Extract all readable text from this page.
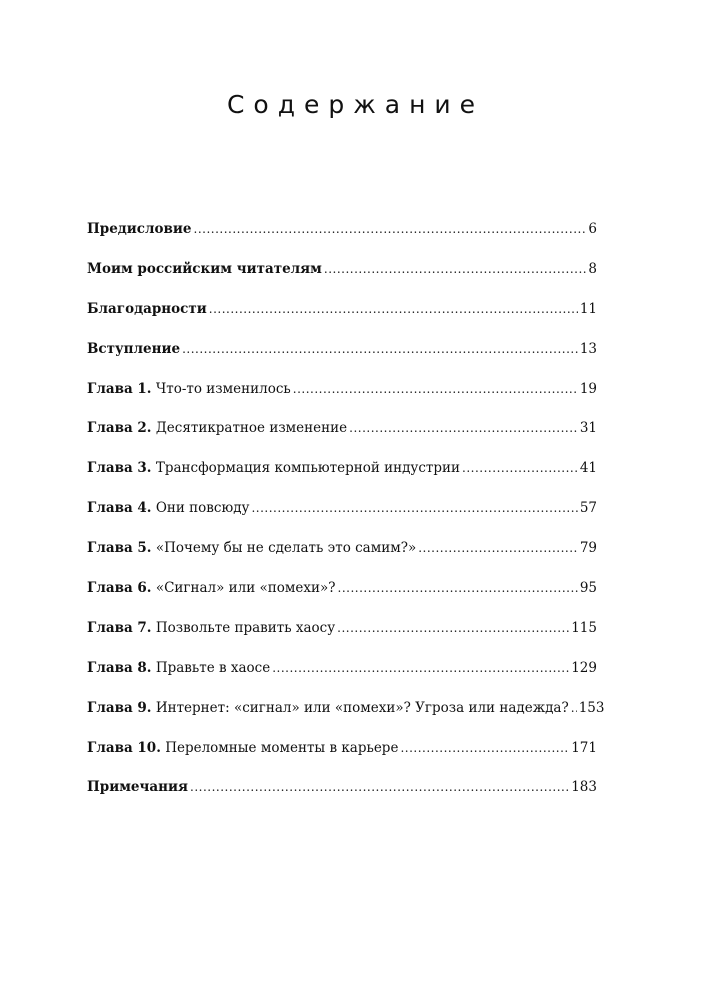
Содержание
Предисловие .....	6
Моим российским читателям .....	8
Благодарности .....	11
Вступление .....	13
Глава 1. Что-то изменилось .....	19
Глава 2. Десятикратное изменение .....	31
Глава 3. Трансформация компьютерной индустрии .....	41
Глава 4. Они повсюду .....	57
Глава 5. «Почему бы не сделать это самим?» .....	79
Глава 6. «Сигнал» или «помехи»? .....	95
Глава 7. Позвольте править хаосу .....	115
Глава 8. Правьте в хаосе .....	129
Глава 9. Интернет: «сигнал» или «помехи»? Угроза или надежда? ..... 153
Глава 10. Переломные моменты в карьере .....	171
Примечания .....	183
